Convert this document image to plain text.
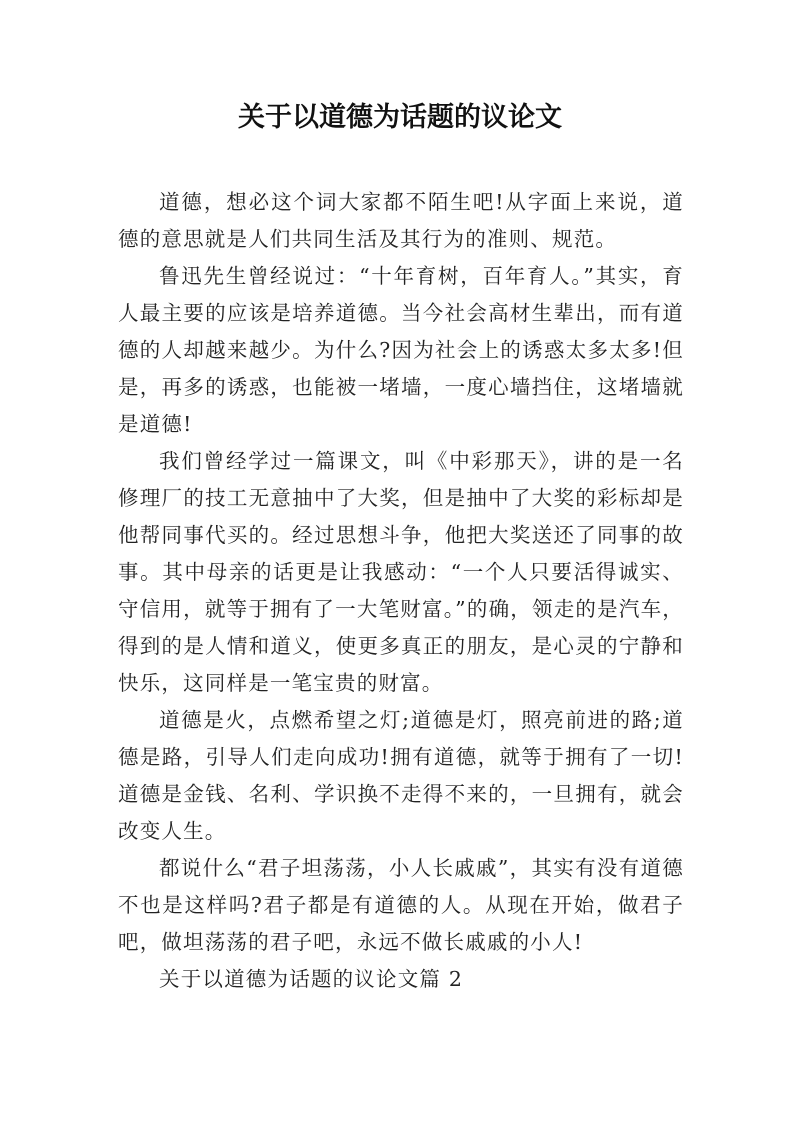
关于以道德为话题的议论文

道德，想必这个词大家都不陌生吧!从字面上来说，道德的意思就是人们共同生活及其行为的准则、规范。

鲁迅先生曾经说过：“十年育树，百年育人。”其实，育人最主要的应该是培养道德。当今社会高材生辈出，而有道德的人却越来越少。为什么?因为社会上的诱惑太多太多!但是，再多的诱惑，也能被一堵墙，一度心墙挡住，这堵墙就是道德!

我们曾经学过一篇课文，叫《中彩那天》，讲的是一名修理厂的技工无意抽中了大奖，但是抽中了大奖的彩标却是他帮同事代买的。经过思想斗争，他把大奖送还了同事的故事。其中母亲的话更是让我感动：“一个人只要活得诚实、守信用，就等于拥有了一大笔财富。”的确，领走的是汽车，得到的是人情和道义，使更多真正的朋友，是心灵的宁静和快乐，这同样是一笔宝贵的财富。

道德是火，点燃希望之灯;道德是灯，照亮前进的路;道德是路，引导人们走向成功!拥有道德，就等于拥有了一切!道德是金钱、名利、学识换不走得不来的，一旦拥有，就会改变人生。

都说什么“君子坦荡荡，小人长戚戚”，其实有没有道德不也是这样吗?君子都是有道德的人。从现在开始，做君子吧，做坦荡荡的君子吧，永远不做长戚戚的小人!

关于以道德为话题的议论文篇 2
